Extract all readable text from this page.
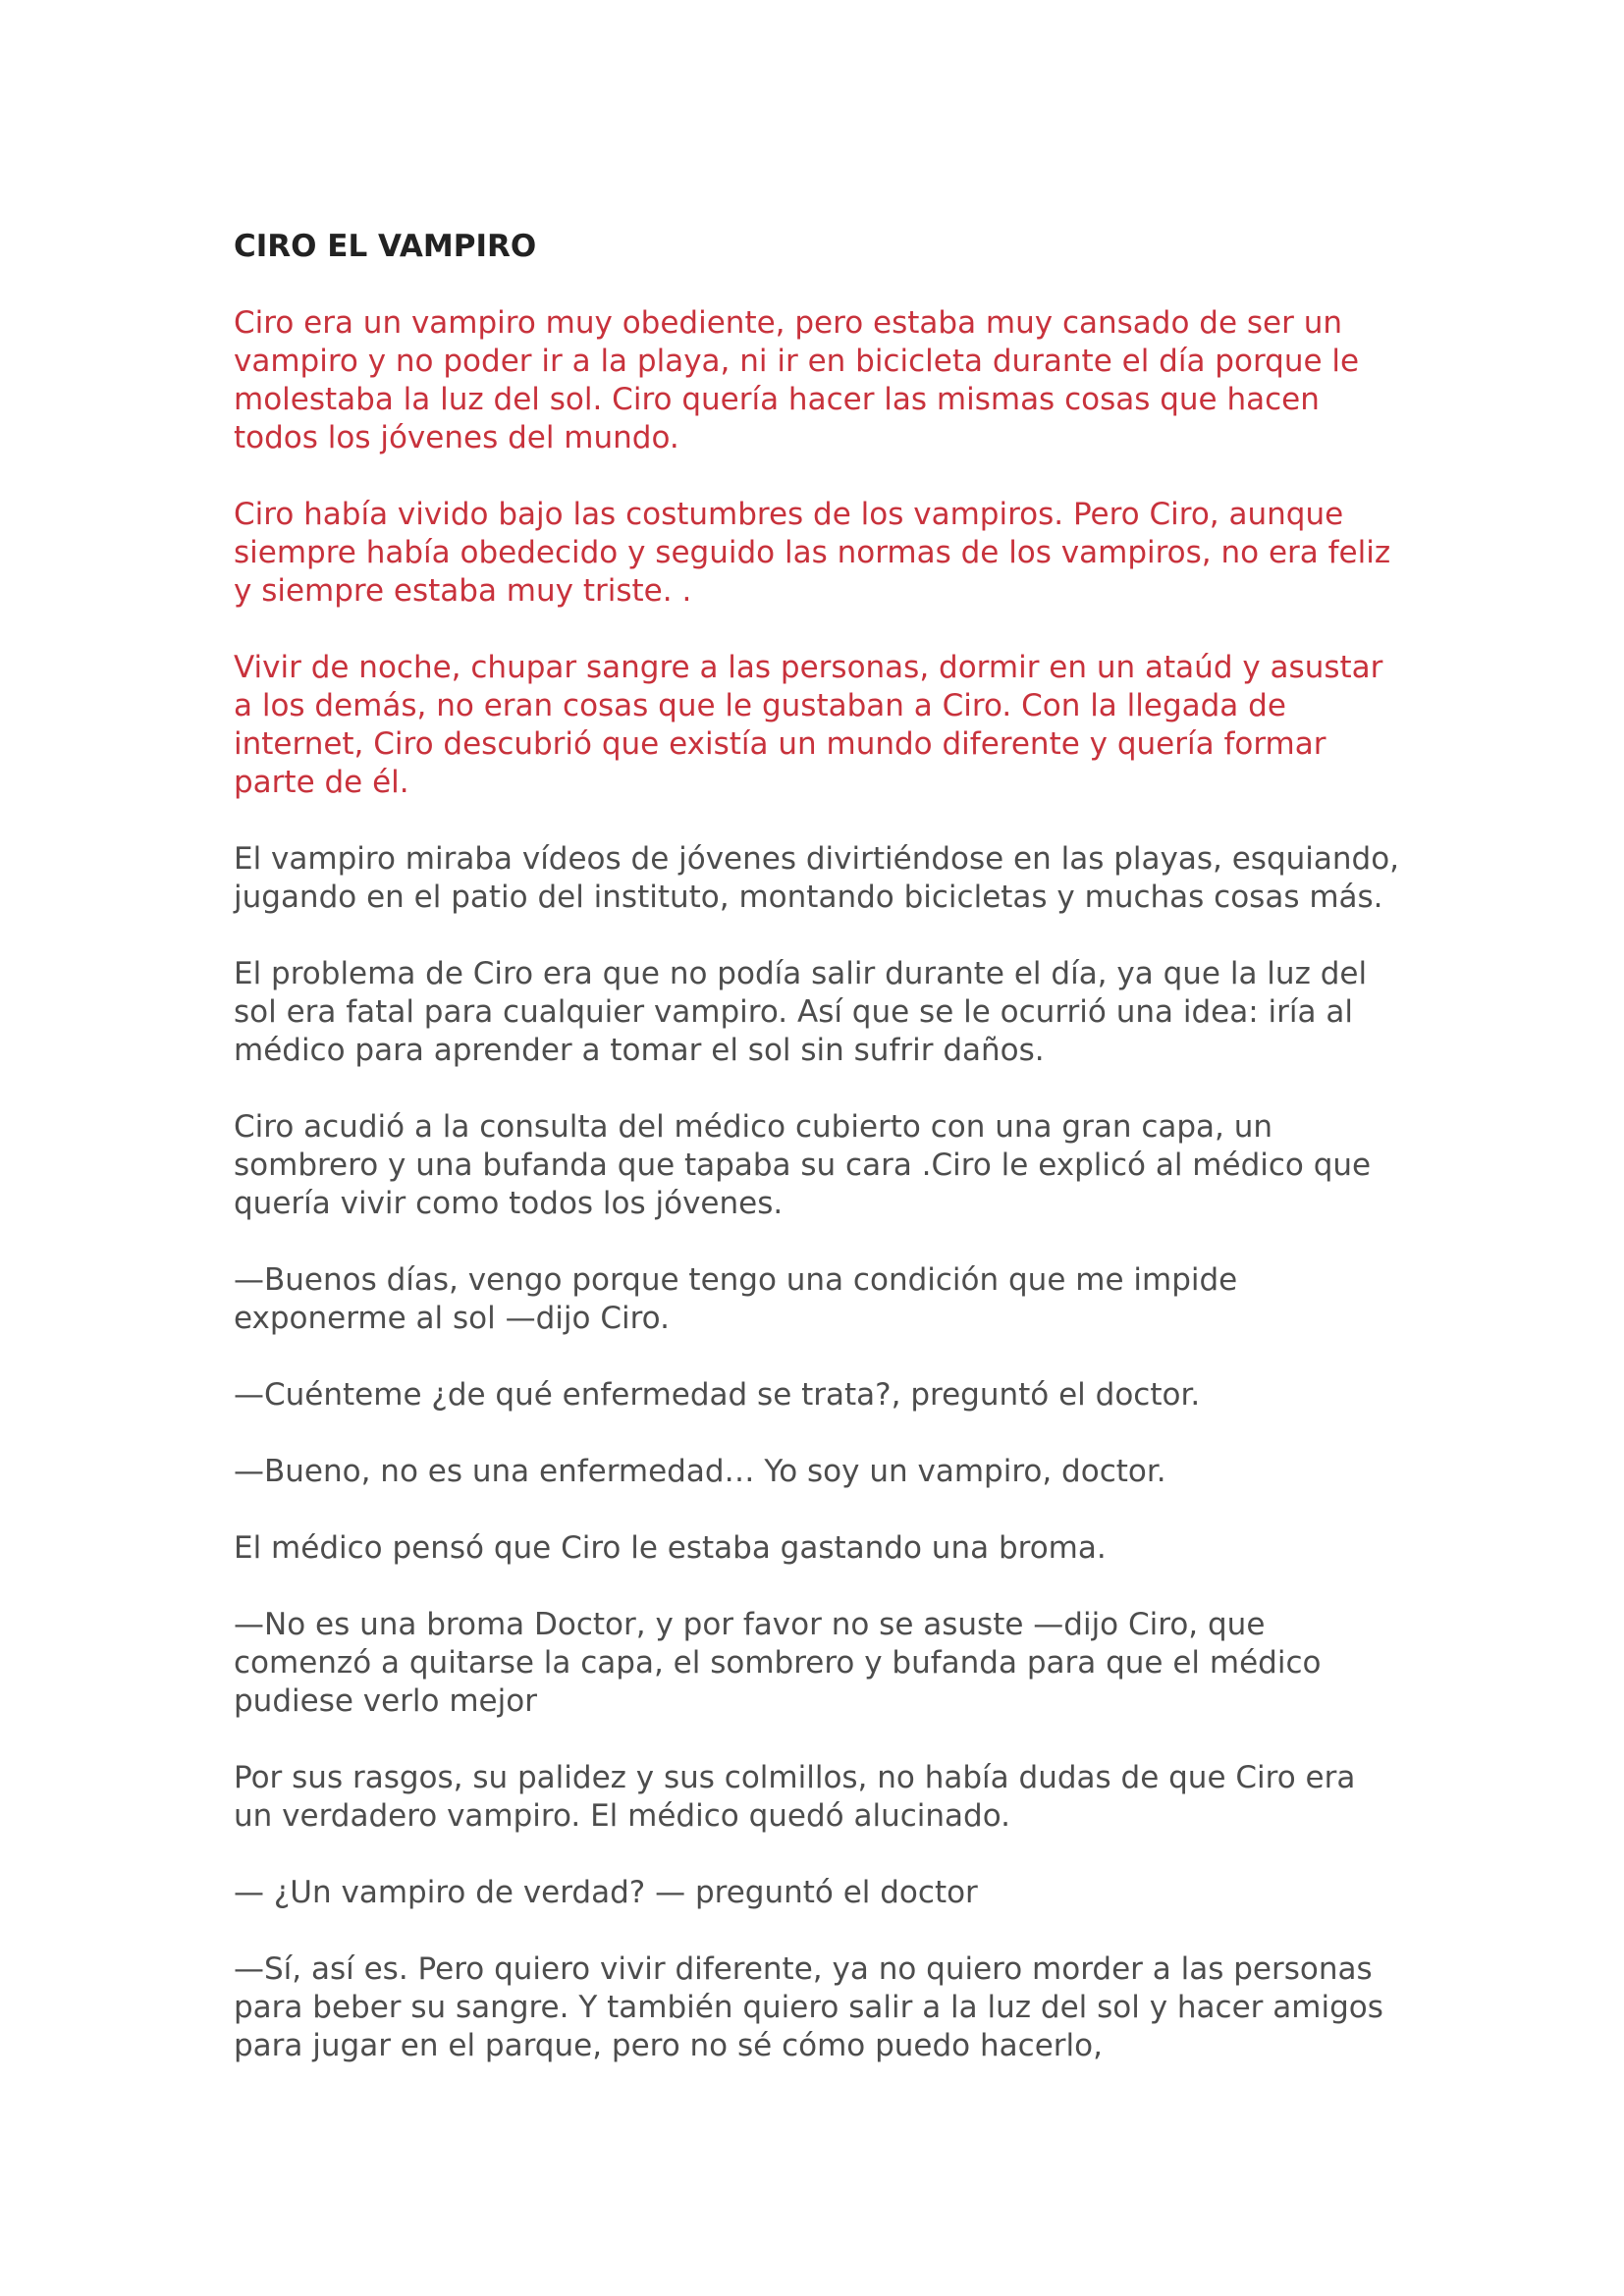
CIRO EL VAMPIRO

Ciro era un vampiro muy obediente, pero estaba muy cansado de ser un vampiro y no poder ir a la playa, ni ir en bicicleta durante el día porque le molestaba la luz del sol. Ciro quería hacer las mismas cosas que hacen todos los jóvenes del mundo.

Ciro había vivido bajo las costumbres de los vampiros. Pero Ciro, aunque siempre había obedecido y seguido las normas de los vampiros, no era feliz y siempre estaba muy triste. .

Vivir de noche, chupar sangre a las personas, dormir en un ataúd y asustar a los demás, no eran cosas que le gustaban a Ciro. Con la llegada de internet, Ciro descubrió que existía un mundo diferente y quería formar parte de él.

El vampiro miraba vídeos de jóvenes divirtiéndose en las playas, esquiando, jugando en el patio del instituto, montando bicicletas y muchas cosas más.

El problema de Ciro era que no podía salir durante el día, ya que la luz del sol era fatal para cualquier vampiro. Así que se le ocurrió una idea: iría al médico para aprender a tomar el sol sin sufrir daños.

Ciro acudió a la consulta del médico cubierto con una gran capa, un sombrero y una bufanda que tapaba su cara .Ciro le explicó al médico que quería vivir como todos los jóvenes.

—Buenos días, vengo porque tengo una condición que me impide exponerme al sol —dijo Ciro.

—Cuénteme ¿de qué enfermedad se trata?, preguntó el doctor.

—Bueno, no es una enfermedad… Yo soy un vampiro, doctor.

El médico pensó que Ciro le estaba gastando una broma.

—No es una broma Doctor, y por favor no se asuste —dijo Ciro, que comenzó a quitarse la capa, el sombrero y bufanda para que el médico pudiese verlo mejor

Por sus rasgos, su palidez y sus colmillos, no había dudas de que Ciro era un verdadero vampiro. El médico quedó alucinado.

— ¿Un vampiro de verdad? — preguntó el doctor

—Sí, así es. Pero quiero vivir diferente, ya no quiero morder a las personas para beber su sangre. Y también quiero salir a la luz del sol y hacer amigos para jugar en el parque, pero no sé cómo puedo hacerlo,
